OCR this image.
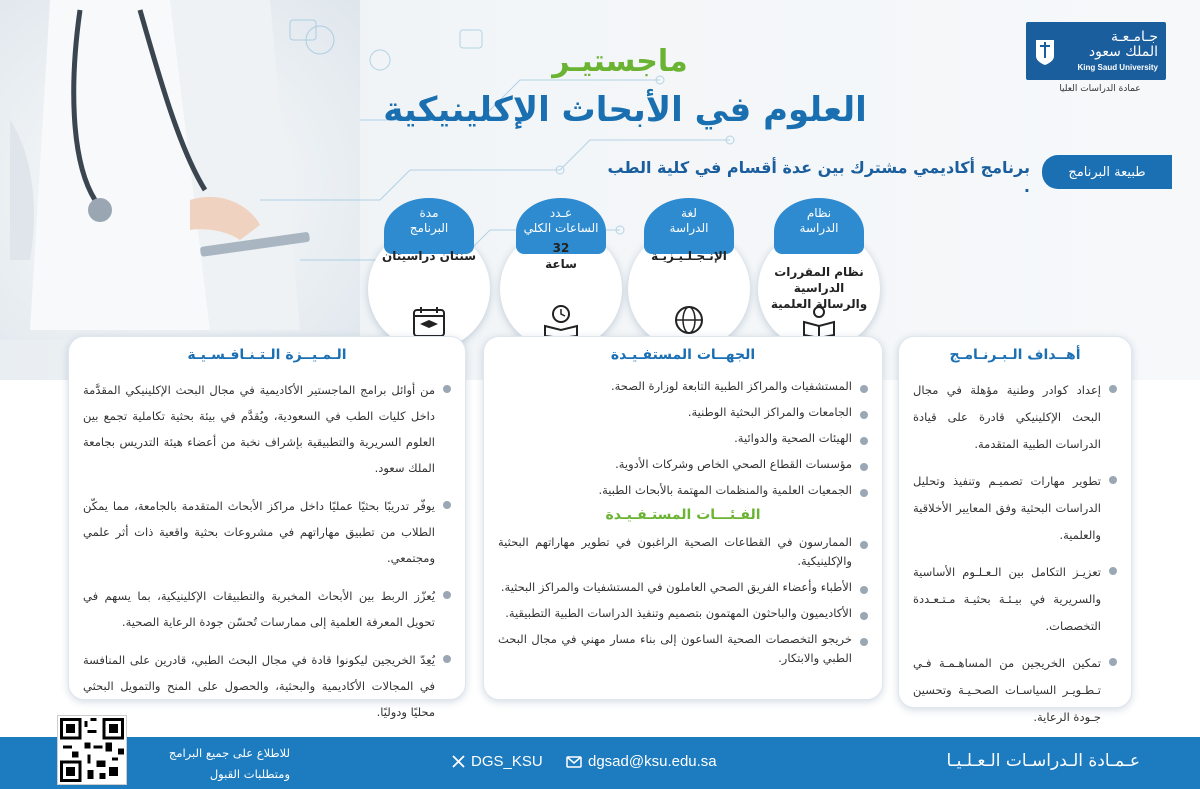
جـامـعـة
الملك سعود
King Saud University
عمادة الدراسات العليا
ماجستيـر
العلوم في الأبحاث الإكلينيكية
طبيعة البرنامج
برنامج أكاديمي مشترك بين عدة أقسام في كلية الطب .
نظام
الدراسة
نظام المقررات الدراسية
والرسالة العلمية
لغة
الدراسة
الإنـجـلـيـزيـة
عـدد
الساعات الكلي
32
ساعة
مدة
البرنامج
سنتان دراسيتان
أهــداف الـبـرنـامـج
إعداد كوادر وطنية مؤهلة في مجال البحث الإكلينيكي قادرة على قيادة الدراسات الطبية المتقدمة.
تطوير مهارات تصميـم وتنفيذ وتحليل الدراسات البحثية وفق المعايير الأخلاقية والعلمية.
تعزيـز التكامل بين الـعـلـوم الأساسية والسريرية في بيـئـة بحثيـة مـتـعـددة التخصصات.
تمكين الخريجين من المساهـمـة فـي تـطـويـر السياسـات الصحـيـة وتحسين جـودة الرعاية.
الجهــات المستفـيـدة
المستشفيات والمراكز الطبية التابعة لوزارة الصحة.
الجامعات والمراكز البحثية الوطنية.
الهيئات الصحية والدوائية.
مؤسسات القطاع الصحي الخاص وشركات الأدوية.
الجمعيات العلمية والمنظمات المهتمة بالأبحاث الطبية.
الفـئـــات المستـفـيـدة
الممارسون في القطاعات الصحية الراغبون في تطوير مهاراتهم البحثية والإكلينيكية.
الأطباء وأعضاء الفريق الصحي العاملون في المستشفيات والمراكز البحثية.
الأكاديميون والباحثون المهتمون بتصميم وتنفيذ الدراسات الطبية التطبيقية.
خريجو التخصصات الصحية الساعون إلى بناء مسار مهني في مجال البحث الطبي والابتكار.
الـمـيــزة الـتـنـافـسـيـة
من أوائل برامج الماجستير الأكاديمية في مجال البحث الإكلينيكي المقدَّمة داخل كليات الطب في السعودية، ويُقدَّم في بيئة بحثية تكاملية تجمع بين العلوم السريرية والتطبيقية بإشراف نخبة من أعضاء هيئة التدريس بجامعة الملك سعود.
يوفّر تدريبًا بحثيًا عمليًا داخل مراكز الأبحاث المتقدمة بالجامعة، مما يمكّن الطلاب من تطبيق مهاراتهم في مشروعات بحثية واقعية ذات أثر علمي ومجتمعي.
يُعزّز الربط بين الأبحاث المخبرية والتطبيقات الإكلينيكية، بما يسهم في تحويل المعرفة العلمية إلى ممارسات تُحسّن جودة الرعاية الصحية.
يُعِدّ الخريجين ليكونوا قادة في مجال البحث الطبي، قادرين على المنافسة في المجالات الأكاديمية والبحثية، والحصول على المنح والتمويل البحثي محليًا ودوليًا.
عـمـادة الـدراسـات الـعـلـيـا
dgsad@ksu.edu.sa
DGS_KSU
للاطلاع على جميع البرامج
ومتطلبات القبول
